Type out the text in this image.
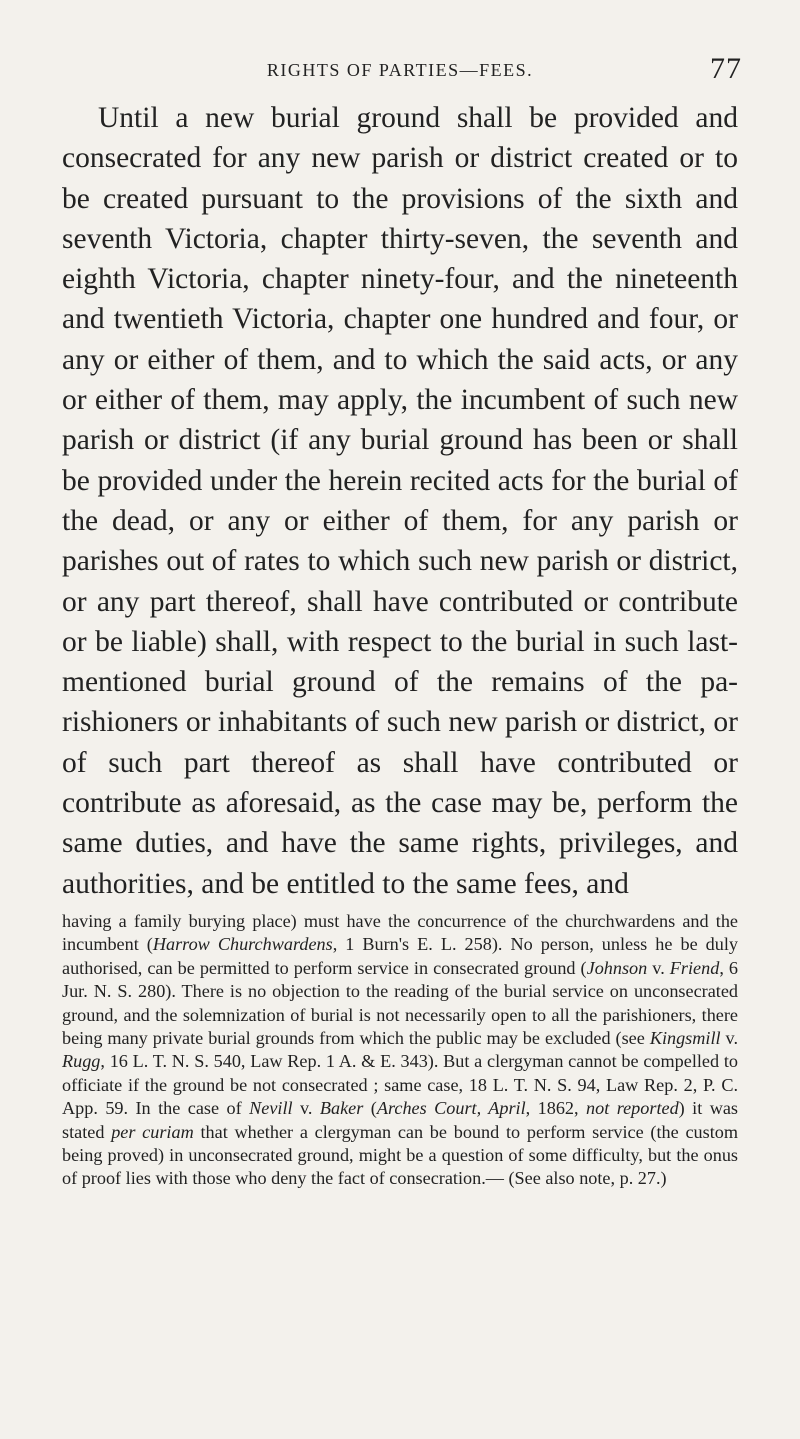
RIGHTS OF PARTIES—FEES.	77

Until a new burial ground shall be provided and consecrated for any new parish or district created or to be created pursuant to the provisions of the sixth and seventh Victoria, chapter thirty-seven, the seventh and eighth Victoria, chapter ninety-four, and the nineteenth and twentieth Victoria, chapter one hundred and four, or any or either of them, and to which the said acts, or any or either of them, may apply, the incumbent of such new parish or district (if any burial ground has been or shall be provided under the herein recited acts for the burial of the dead, or any or either of them, for any parish or parishes out of rates to which such new parish or district, or any part thereof, shall have contributed or contribute or be liable) shall, with respect to the burial in such last-mentioned burial ground of the remains of the parishioners or inhabitants of such new parish or district, or of such part thereof as shall have contributed or contribute as aforesaid, as the case may be, perform the same duties, and have the same rights, privileges, and authorities, and be entitled to the same fees, and

having a family burying place) must have the concurrence of the churchwardens and the incumbent (Harrow Churchwardens, 1 Burn's E. L. 258). No person, unless he be duly authorised, can be permitted to perform service in consecrated ground (Johnson v. Friend, 6 Jur. N. S. 280). There is no objection to the reading of the burial service on unconsecrated ground, and the solemnization of burial is not necessarily open to all the parishioners, there being many private burial grounds from which the public may be excluded (see Kingsmill v. Rugg, 16 L. T. N. S. 540, Law Rep. 1 A. & E. 343). But a clergyman cannot be compelled to officiate if the ground be not consecrated ; same case, 18 L. T. N. S. 94, Law Rep. 2, P. C. App. 59. In the case of Nevill v. Baker (Arches Court, April, 1862, not reported) it was stated per curiam that whether a clergyman can be bound to perform service (the custom being proved) in unconsecrated ground, might be a question of some difficulty, but the onus of proof lies with those who deny the fact of consecration.— (See also note, p. 27.)
